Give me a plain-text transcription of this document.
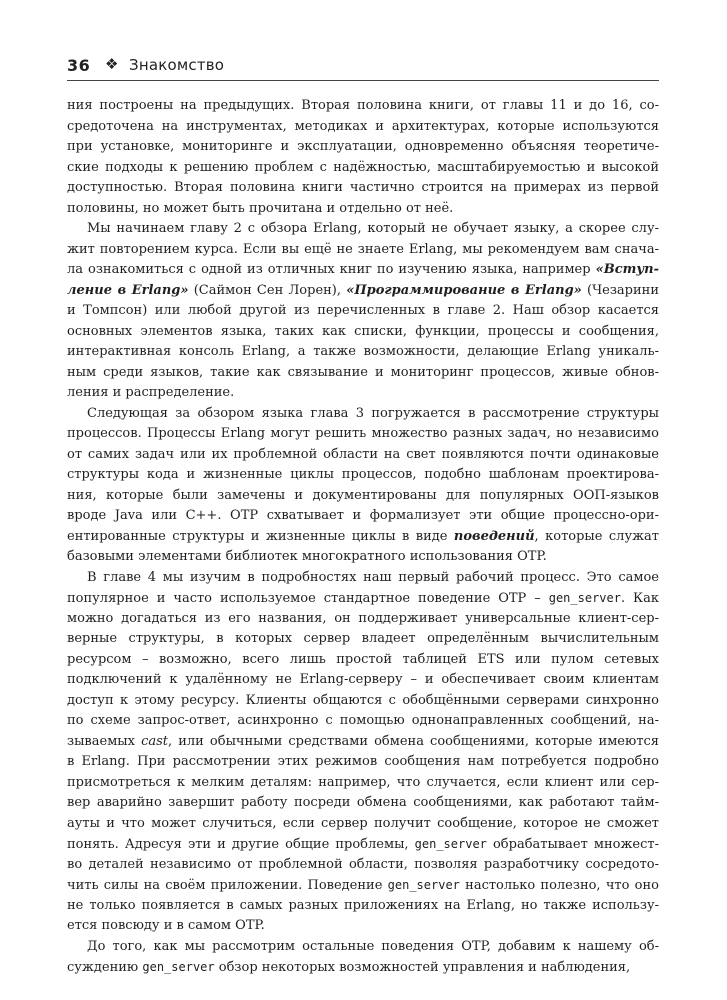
36 ❖ Знакомство
ния построены на предыдущих. Вторая половина книги, от главы 11 и до 16, со-
средоточена на инструментах, методиках и архитектурах, которые используются
при установке, мониторинге и эксплуатации, одновременно объясняя теоретиче-
ские подходы к решению проблем с надёжностью, масштабируемостью и высокой
доступностью. Вторая половина книги частично строится на примерах из первой
половины, но может быть прочитана и отдельно от неё.
Мы начинаем главу 2 с обзора Erlang, который не обучает языку, а скорее слу-
жит повторением курса. Если вы ещё не знаете Erlang, мы рекомендуем вам снача-
ла ознакомиться с одной из отличных книг по изучению языка, например «Вступ-
ление в Erlang» (Саймон Сен Лорен), «Программирование в Erlang» (Чезарини
и Томпсон) или любой другой из перечисленных в главе 2. Наш обзор касается
основных элементов языка, таких как списки, функции, процессы и сообщения,
интерактивная консоль Erlang, а также возможности, делающие Erlang уникаль-
ным среди языков, такие как связывание и мониторинг процессов, живые обнов-
ления и распределение.
Следующая за обзором языка глава 3 погружается в рассмотрение структуры
процессов. Процессы Erlang могут решить множество разных задач, но независимо
от самих задач или их проблемной области на свет появляются почти одинаковые
структуры кода и жизненные циклы процессов, подобно шаблонам проектирова-
ния, которые были замечены и документированы для популярных ООП-языков
вроде Java или C++. OTP схватывает и формализует эти общие процессно-ори-
ентированные структуры и жизненные циклы в виде поведений, которые служат
базовыми элементами библиотек многократного использования OTP.
В главе 4 мы изучим в подробностях наш первый рабочий процесс. Это самое
популярное и часто используемое стандартное поведение OTP – gen_server. Как
можно догадаться из его названия, он поддерживает универсальные клиент-сер-
верные структуры, в которых сервер владеет определённым вычислительным
ресурсом – возможно, всего лишь простой таблицей ETS или пулом сетевых
подключений к удалённому не Erlang-серверу – и обеспечивает своим клиентам
доступ к этому ресурсу. Клиенты общаются с обобщёнными серверами синхронно
по схеме запрос-ответ, асинхронно с помощью однонаправленных сообщений, на-
зываемых cast, или обычными средствами обмена сообщениями, которые имеются
в Erlang. При рассмотрении этих режимов сообщения нам потребуется подробно
присмотреться к мелким деталям: например, что случается, если клиент или сер-
вер аварийно завершит работу посреди обмена сообщениями, как работают тайм-
ауты и что может случиться, если сервер получит сообщение, которое не сможет
понять. Адресуя эти и другие общие проблемы, gen_server обрабатывает множест-
во деталей независимо от проблемной области, позволяя разработчику сосредото-
чить силы на своём приложении. Поведение gen_server настолько полезно, что оно
не только появляется в самых разных приложениях на Erlang, но также использу-
ется повсюду и в самом OTP.
До того, как мы рассмотрим остальные поведения OTP, добавим к нашему об-
суждению gen_server обзор некоторых возможностей управления и наблюдения,
